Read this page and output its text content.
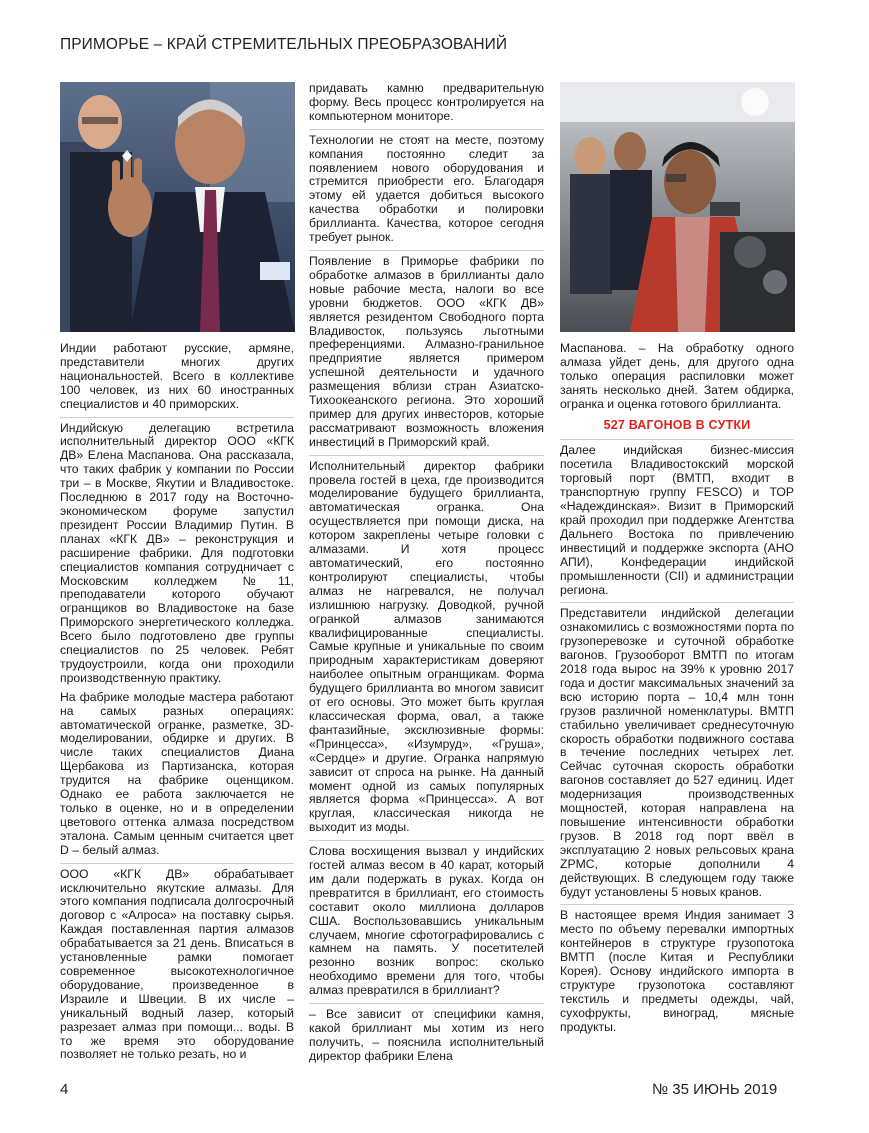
ПРИМОРЬЕ – КРАЙ СТРЕМИТЕЛЬНЫХ ПРЕОБРАЗОВАНИЙ

Индии работают русские, армяне, представители многих других национальностей. Всего в коллективе 100 человек, из них 60 иностранных специалистов и 40 приморских.

Индийскую делегацию встретила исполнительный директор ООО «КГК ДВ» Елена Маспанова. Она рассказала, что таких фабрик у компании по России три – в Москве, Якутии и Владивостоке. Последнюю в 2017 году на Восточно-экономическом форуме запустил президент России Владимир Путин. В планах «КГК ДВ» – реконструкция и расширение фабрики. Для подготовки специалистов компания сотрудничает с Московским колледжем №11, преподаватели которого обучают огранщиков во Владивостоке на базе Приморского энергетического колледжа. Всего было подготовлено две группы специалистов по 25 человек. Ребят трудоустроили, когда они проходили производственную практику.

На фабрике молодые мастера работают на самых разных операциях: автоматической огранке, разметке, 3D-моделировании, обдирке и других. В числе таких специалистов Диана Щербакова из Партизанска, которая трудится на фабрике оценщиком. Однако ее работа заключается не только в оценке, но и в определении цветового оттенка алмаза посредством эталона. Самым ценным считается цвет D – белый алмаз.

ООО «КГК ДВ» обрабатывает исключительно якутские алмазы. Для этого компания подписала долгосрочный договор с «Алроса» на поставку сырья. Каждая поставленная партия алмазов обрабатывается за 21 день. Вписаться в установленные рамки помогает современное высокотехнологичное оборудование, произведенное в Израиле и Швеции. В их числе – уникальный водный лазер, который разрезает алмаз при помощи... воды. В то же время это оборудование позволяет не только резать, но и

придавать камню предварительную форму. Весь процесс контролируется на компьютерном мониторе.

Технологии не стоят на месте, поэтому компания постоянно следит за появлением нового оборудования и стремится приобрести его. Благодаря этому ей удается добиться высокого качества обработки и полировки бриллианта. Качества, которое сегодня требует рынок.

Появление в Приморье фабрики по обработке алмазов в бриллианты дало новые рабочие места, налоги во все уровни бюджетов. ООО «КГК ДВ» является резидентом Свободного порта Владивосток, пользуясь льготными преференциями. Алмазно-гранильное предприятие является примером успешной деятельности и удачного размещения вблизи стран Азиатско-Тихоокеанского региона. Это хороший пример для других инвесторов, которые рассматривают возможность вложения инвестиций в Приморский край.

Исполнительный директор фабрики провела гостей в цеха, где производится моделирование будущего бриллианта, автоматическая огранка. Она осуществляется при помощи диска, на котором закреплены четыре головки с алмазами. И хотя процесс автоматический, его постоянно контролируют специалисты, чтобы алмаз не нагревался, не получал излишнюю нагрузку. Доводкой, ручной огранкой алмазов занимаются квалифицированные специалисты. Самые крупные и уникальные по своим природным характеристикам доверяют наиболее опытным огранщикам. Форма будущего бриллианта во многом зависит от его основы. Это может быть круглая классическая форма, овал, а также фантазийные, эксклюзивные формы: «Принцесса», «Изумруд», «Груша», «Сердце» и другие. Огранка напрямую зависит от спроса на рынке. На данный момент одной из самых популярных является форма «Принцесса». А вот круглая, классическая никогда не выходит из моды.

Слова восхищения вызвал у индийских гостей алмаз весом в 40 карат, который им дали подержать в руках. Когда он превратится в бриллиант, его стоимость составит около миллиона долларов США. Воспользовавшись уникальным случаем, многие сфотографировались с камнем на память. У посетителей резонно возник вопрос: сколько необходимо времени для того, чтобы алмаз превратился в бриллиант?

– Все зависит от специфики камня, какой бриллиант мы хотим из него получить, – пояснила исполнительный директор фабрики Елена

Маспанова. – На обработку одного алмаза уйдет день, для другого одна только операция распиловки может занять несколько дней. Затем обдирка, огранка и оценка готового бриллианта.

527 ВАГОНОВ В СУТКИ

Далее индийская бизнес-миссия посетила Владивостокский морской торговый порт (ВМТП, входит в транспортную группу FESCO) и ТОР «Надеждинская». Визит в Приморский край проходил при поддержке Агентства Дальнего Востока по привлечению инвестиций и поддержке экспорта (АНО АПИ), Конфедерации индийской промышленности (CII) и администрации региона.

Представители индийской делегации ознакомились с возможностями порта по грузоперевозке и суточной обработке вагонов. Грузооборот ВМТП по итогам 2018 года вырос на 39% к уровню 2017 года и достиг максимальных значений за всю историю порта – 10,4 млн тонн грузов различной номенклатуры. ВМТП стабильно увеличивает среднесуточную скорость обработки подвижного состава в течение последних четырех лет. Сейчас суточная скорость обработки вагонов составляет до 527 единиц. Идет модернизация производственных мощностей, которая направлена на повышение интенсивности обработки грузов. В 2018 год порт ввёл в эксплуатацию 2 новых рельсовых крана ZPMC, которые дополнили 4 действующих. В следующем году также будут установлены 5 новых кранов.

В настоящее время Индия занимает 3 место по объему перевалки импортных контейнеров в структуре грузопотока ВМТП (после Китая и Республики Корея). Основу индийского импорта в структуре грузопотока составляют текстиль и предметы одежды, чай, сухофрукты, виноград, мясные продукты.

4	№ 35 ИЮНЬ 2019
